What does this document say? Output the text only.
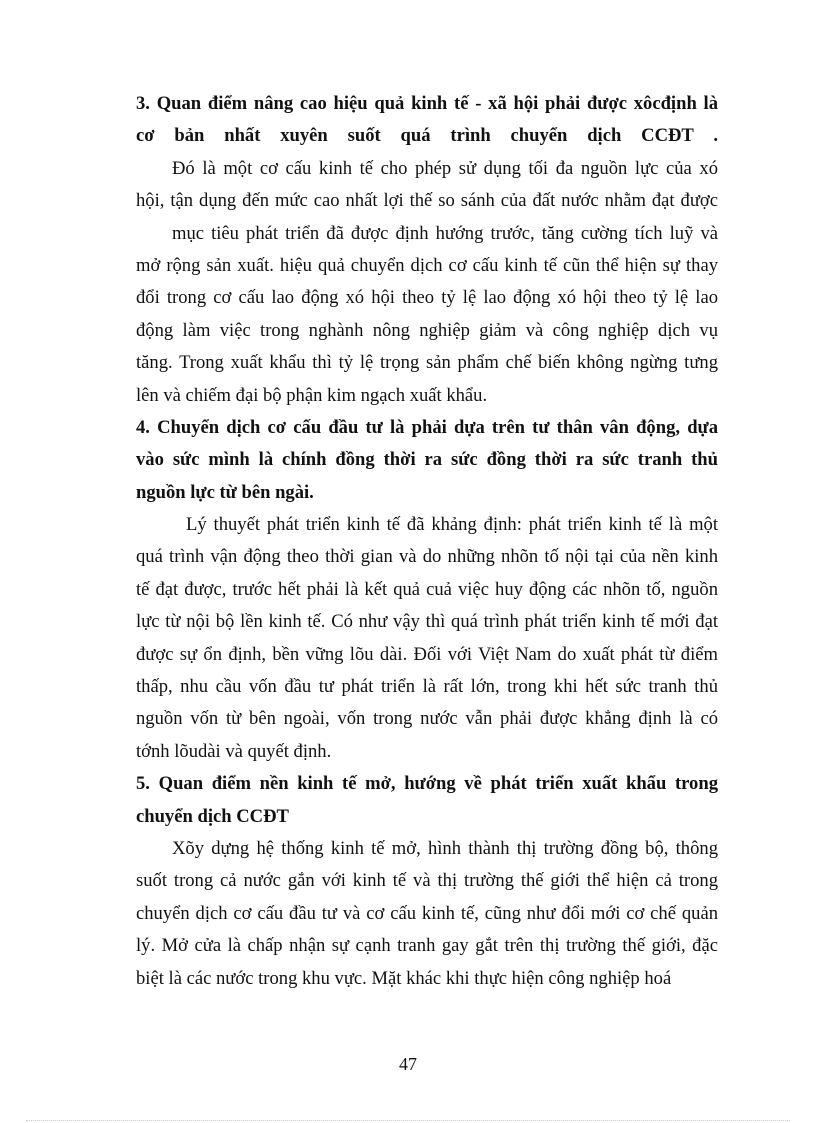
3. Quan điểm nâng cao hiệu quả kinh tế - xã hội phải được xôcđịnh là
cơ bản nhất xuyên suốt quá trình chuyển dịch CCĐT .
Đó là một cơ cấu kinh tế cho phép sử dụng tối đa nguồn lực của xó
hội, tận dụng đến mức cao nhất lợi thế so sánh của đất nước nhằm đạt được
mục tiêu phát triển đã được định hướng trước, tăng cường tích luỹ và
mở rộng sản xuất. hiệu quả chuyển dịch cơ cấu kinh tế cũn thể hiện sự thay
đổi trong cơ cấu lao động xó hội theo tỷ lệ lao động xó hội theo tỷ lệ lao
động làm việc trong nghành nông nghiệp giảm và công nghiệp dịch vụ
tăng. Trong xuất khẩu thì tỷ lệ trọng sản phẩm chế biến không ngừng tưng
lên và chiếm đại bộ phận kim ngạch xuất khẩu.
4. Chuyển dịch cơ cấu đầu tư là phải dựa trên tư thân vân động, dựa
vào sức mình là chính đồng thời ra sức đồng thời ra sức tranh thủ
nguồn lực từ bên ngài.
Lý thuyết phát triển kinh tế đã khảng định: phát triển kinh tế là một
quá trình vận động theo thời gian và do những nhõn tố nội tại của nền kinh
tế đạt được, trước hết phải là kết quả cuả việc huy động các nhõn tố, nguồn
lực từ nội bộ lền kinh tế. Có như vậy thì quá trình phát triển kinh tế mới đạt
được sự ổn định, bền vững lõu dài. Đối với Việt Nam do xuất phát từ điểm
thấp, nhu cầu vốn đầu tư phát triển là rất lớn, trong khi hết sức tranh thủ
nguồn vốn từ bên ngoài, vốn trong nước vẫn phải được khẳng định là có
tớnh lõudài và quyết định.
5. Quan điểm nền kinh tế mở, hướng về phát triển xuất khẩu trong
chuyển dịch CCĐT
Xõy dựng hệ thống kinh tế mở, hình thành thị trường đồng bộ, thông
suốt trong cả nước gắn với kinh tế và thị trường thế giới thể hiện cả trong
chuyển dịch cơ cấu đầu tư và cơ cấu kinh tế, cũng như đổi mới cơ chế quản
lý. Mở cửa là chấp nhận sự cạnh tranh gay gắt trên thị trường thế giới, đặc
biệt là các nước trong khu vực. Mặt khác khi thực hiện công nghiệp hoá
47
